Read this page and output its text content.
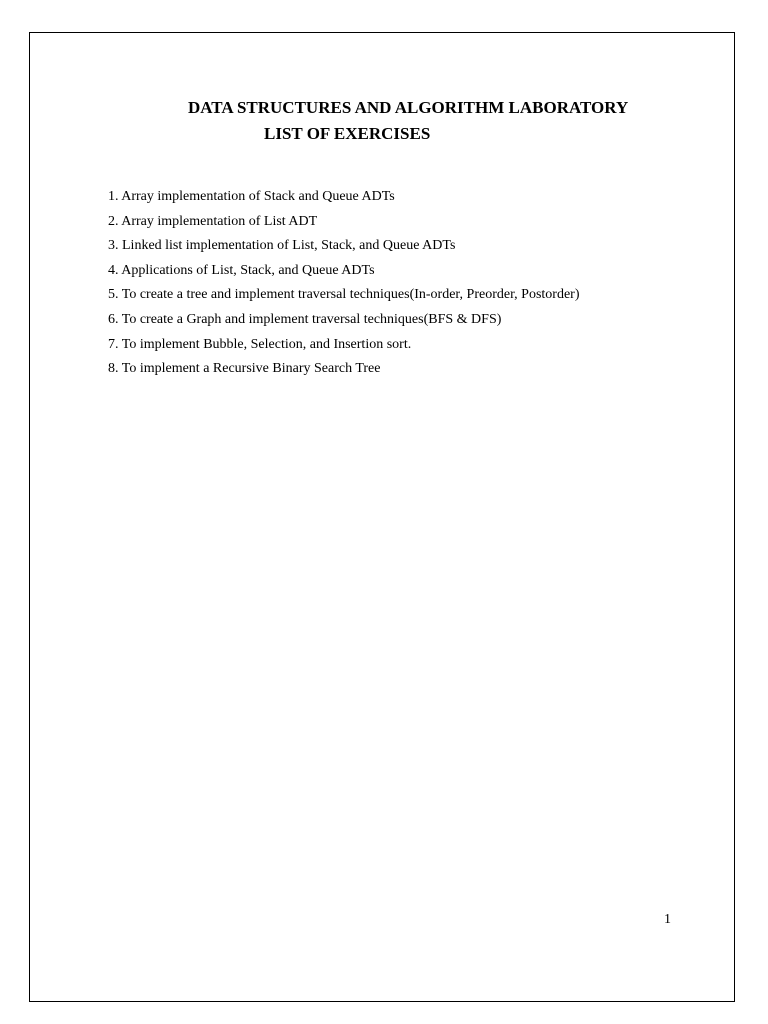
DATA STRUCTURES AND ALGORITHM LABORATORY
LIST OF EXERCISES
1. Array implementation of Stack and Queue ADTs
2. Array implementation of List ADT
3. Linked list implementation of List, Stack, and Queue ADTs
4. Applications of List, Stack, and Queue ADTs
5. To create a tree and implement traversal techniques(In-order, Preorder, Postorder)
6. To create a Graph and implement traversal techniques(BFS & DFS)
7. To implement Bubble, Selection, and Insertion sort.
8. To implement a Recursive Binary Search Tree
1
